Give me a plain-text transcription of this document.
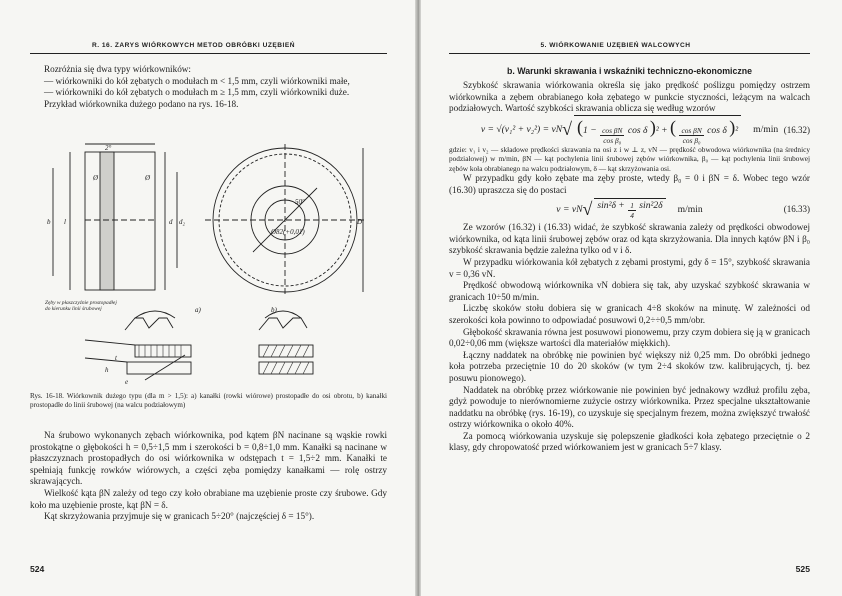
R. 16. ZARYS WIÓRKOWYCH METOD OBRÓBKI UZĘBIEŃ

Rozróżnia się dwa typy wiórkowników:

— wiórkowniki do kół zębatych o modułach m < 1,5 mm, czyli wiórkowniki małe,

— wiórkowniki do kół zębatych o modułach m ≥ 1,5 mm, czyli wiórkowniki duże.

Przykład wiórkownika dużego podano na rys. 16-18.

b l	d	D
d₂
Ø	Ø
2°
Ø82(+0,01)
50°
a)	b)
t
h
e
Zęby w płaszczyźnie prostopadłej do kierunku linii śrubowej

Rys. 16-18. Wiórkownik dużego typu (dla m > 1,5): a) kanałki (rowki wiórowe) prostopadłe do osi obrotu, b) kanałki prostopadłe do linii śrubowej (na walcu podziałowym)

Na śrubowo wykonanych zębach wiórkownika, pod kątem βN nacinane są wąskie rowki prostokątne o głębokości h = 0,5÷1,5 mm i szerokości b = 0,8÷1,0 mm. Kanałki są nacinane w płaszczyznach prostopadłych do osi wiórkownika w odstępach t = 1,5÷2 mm. Kanałki te spełniają funkcję rowków wiórowych, a części zęba pomiędzy kanałkami — rolę ostrzy skrawających.

Wielkość kąta βN zależy od tego czy koło obrabiane ma uzębienie proste czy śrubowe. Gdy koło ma uzębienie proste, kąt βN = δ.

Kąt skrzyżowania przyjmuje się w granicach 5÷20° (najczęściej δ = 15°).

524
5. WIÓRKOWANIE UZĘBIEŃ WALCOWYCH
b. Warunki skrawania i wskaźniki techniczno-ekonomiczne

Szybkość skrawania wiórkowania określa się jako prędkość poślizgu pomiędzy ostrzem wiórkownika a zębem obrabianego koła zębatego w punkcie styczności, leżącym na walcach podziałowych. Wartość szybkości skrawania oblicza się według wzorów

v = √(v₁² + v₂²) = vN √ ($1 - \frac{\text{cos βN}}{\text{cos β₀}}$ cos δ )² + ( $\frac{\text{cos βN}}{\text{cos β₀}}$ cos δ )²	m/min (16.32)

gdzie: v₁ i v₂ — składowe prędkości skrawania na osi z i w ⊥ z, vN — prędkość obwodowa wiórkownika (na średnicy podziałowej) w m/min, βN — kąt pochylenia linii śrubowej zębów wiórkownika, β₀ — kąt pochylenia linii śrubowej zębów koła obrabianego na walcu podziałowym, δ — kąt skrzyżowania osi.

W przypadku gdy koło zębate ma zęby proste, wtedy β₀ = 0 i βN = δ. Wobec tego wzór (16.30) upraszcza się do postaci

v = vN √ $\sin^2\delta + \frac{1}{4} \sin^22\delta$	m/min	(16.33)

Ze wzorów (16.32) i (16.33) widać, że szybkość skrawania zależy od prędkości obwodowej wiórkownika, od kąta linii śrubowej zębów oraz od kąta skrzyżowania. Dla innych kątów βN i β₀ szybkość skrawania będzie zależna tylko od v i δ.

W przypadku wiórkowania kół zębatych z zębami prostymi, gdy δ = 15°, szybkość skrawania v = 0,36 vN.

Prędkość obwodową wiórkownika vN dobiera się tak, aby uzyskać szybkość skrawania w granicach 10÷50 m/min.

Liczbę skoków stołu dobiera się w granicach 4÷8 skoków na minutę. W zależności od szerokości koła powinno to odpowiadać posuwowi 0,2÷÷0,5 mm/obr.

Głębokość skrawania równa jest posuwowi pionowemu, przy czym dobiera się ją w granicach 0,02÷0,06 mm (większe wartości dla materiałów miękkich).

Łączny naddatek na obróbkę nie powinien być większy niż 0,25 mm. Do obróbki jednego koła potrzeba przeciętnie 10 do 20 skoków (w tym 2÷4 skoków tzw. kalibrujących, tj. bez posuwu pionowego).

Naddatek na obróbkę przez wiórkowanie nie powinien być jednakowy wzdłuż profilu zęba, gdyż powoduje to nierównomierne zużycie ostrzy wiórkownika. Przez specjalne ukształtowanie naddatku na obróbkę (rys. 16-19), co uzyskuje się specjalnym frezem, można zwiększyć trwałość ostrzy wiórkownika o około 40%.

Za pomocą wiórkowania uzyskuje się polepszenie gładkości koła zębatego przeciętnie o 2 klasy, gdy chropowatość przed wiórkowaniem jest w granicach 5÷7 klasy.

525
